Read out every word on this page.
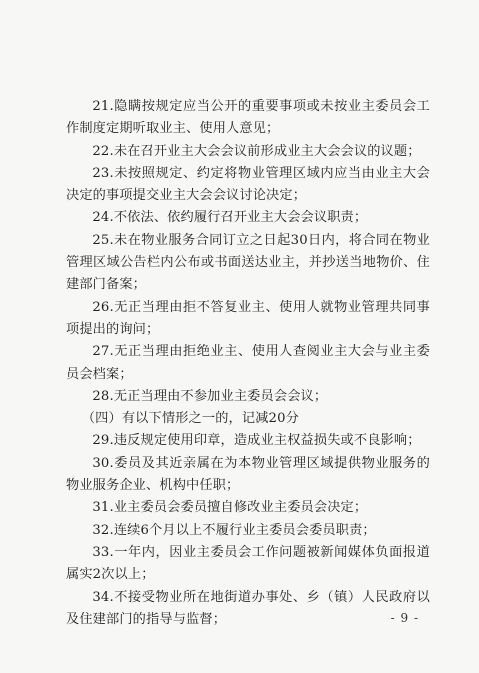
21.隐瞒按规定应当公开的重要事项或未按业主委员会工作制度定期听取业主、使用人意见；

22.未在召开业主大会会议前形成业主大会会议的议题；

23.未按照规定、约定将物业管理区域内应当由业主大会决定的事项提交业主大会会议讨论决定；

24.不依法、依约履行召开业主大会会议职责；

25.未在物业服务合同订立之日起30日内，将合同在物业管理区域公告栏内公布或书面送达业主，并抄送当地物价、住建部门备案；

26.无正当理由拒不答复业主、使用人就物业管理共同事项提出的询问；

27.无正当理由拒绝业主、使用人查阅业主大会与业主委员会档案；

28.无正当理由不参加业主委员会会议；

（四）有以下情形之一的，记减20分

29.违反规定使用印章，造成业主权益损失或不良影响；

30.委员及其近亲属在为本物业管理区域提供物业服务的物业服务企业、机构中任职；

31.业主委员会委员擅自修改业主委员会决定；

32.连续6个月以上不履行业主委员会委员职责；

33.一年内，因业主委员会工作问题被新闻媒体负面报道属实2次以上；

34.不接受物业所在地街道办事处、乡（镇）人民政府以及住建部门的指导与监督；	- 9 -
